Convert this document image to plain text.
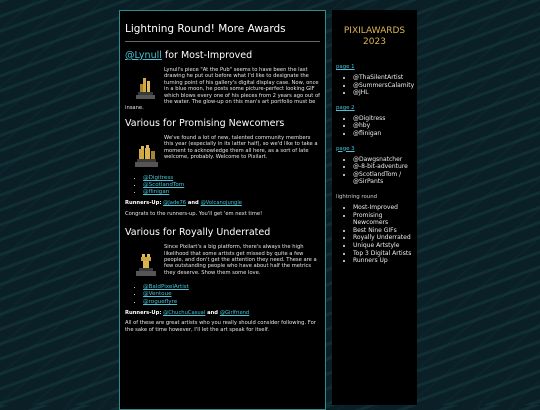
Lightning Round! More Awards
@Lynull for Most-Improved

Lynull's piece "At the Pub" seems to have been the last drawing he put out before what I'd like to designate the turning point of his gallery's digital display case. Now, once in a blue moon, he posts some picture-perfect looking GIF which blows every one of his pieces from 2 years ago out of the water. The glow-up on this man's art portfolio must be insane.

Various for Promising Newcomers

We've found a lot of new, talented community members this year (especially in its latter half), so we'd like to take a moment to acknowledge them all here, as a sort of late welcome, probably. Welcome to Pixilart.

• @Digitress
• @ScotlandTom
• @flinigan

Runners-Up: @Jade76 and @Volcanojungle

Congrats to the runners-up. You'll get 'em next time!

Various for Royally Underrated

Since Pixilart's a big platform, there's always the high likelihood that some artists get missed by quite a few people, and don't get the attention they need. These are a few outstanding people who have about half the metrics they deserve. Show them some love.

• @BaldPixelArtist
• @Ventoue
• @rogueflyre

Runners-Up: @ChuchuCasual and @Girlfriend

All of these are great artists who you really should consider following. For the sake of time however, I'll let the art speak for itself.

PIXILAWARDS
2023
page 1
• @ThaSilentArtist
• @SummersCalamity
• @JHL
page 2
• @Digitress
• @hby
• @flinigan
page 3
• @Dawgsnatcher
• @-8-bit-adventure
• @ScotlandTom / @SirPants
lightning round
• Most-Improved
• Promising Newcomers
• Best Nine GIFs
• Royally Underrated
• Unique Artstyle
• Top 3 Digital Artists
• Runners Up
